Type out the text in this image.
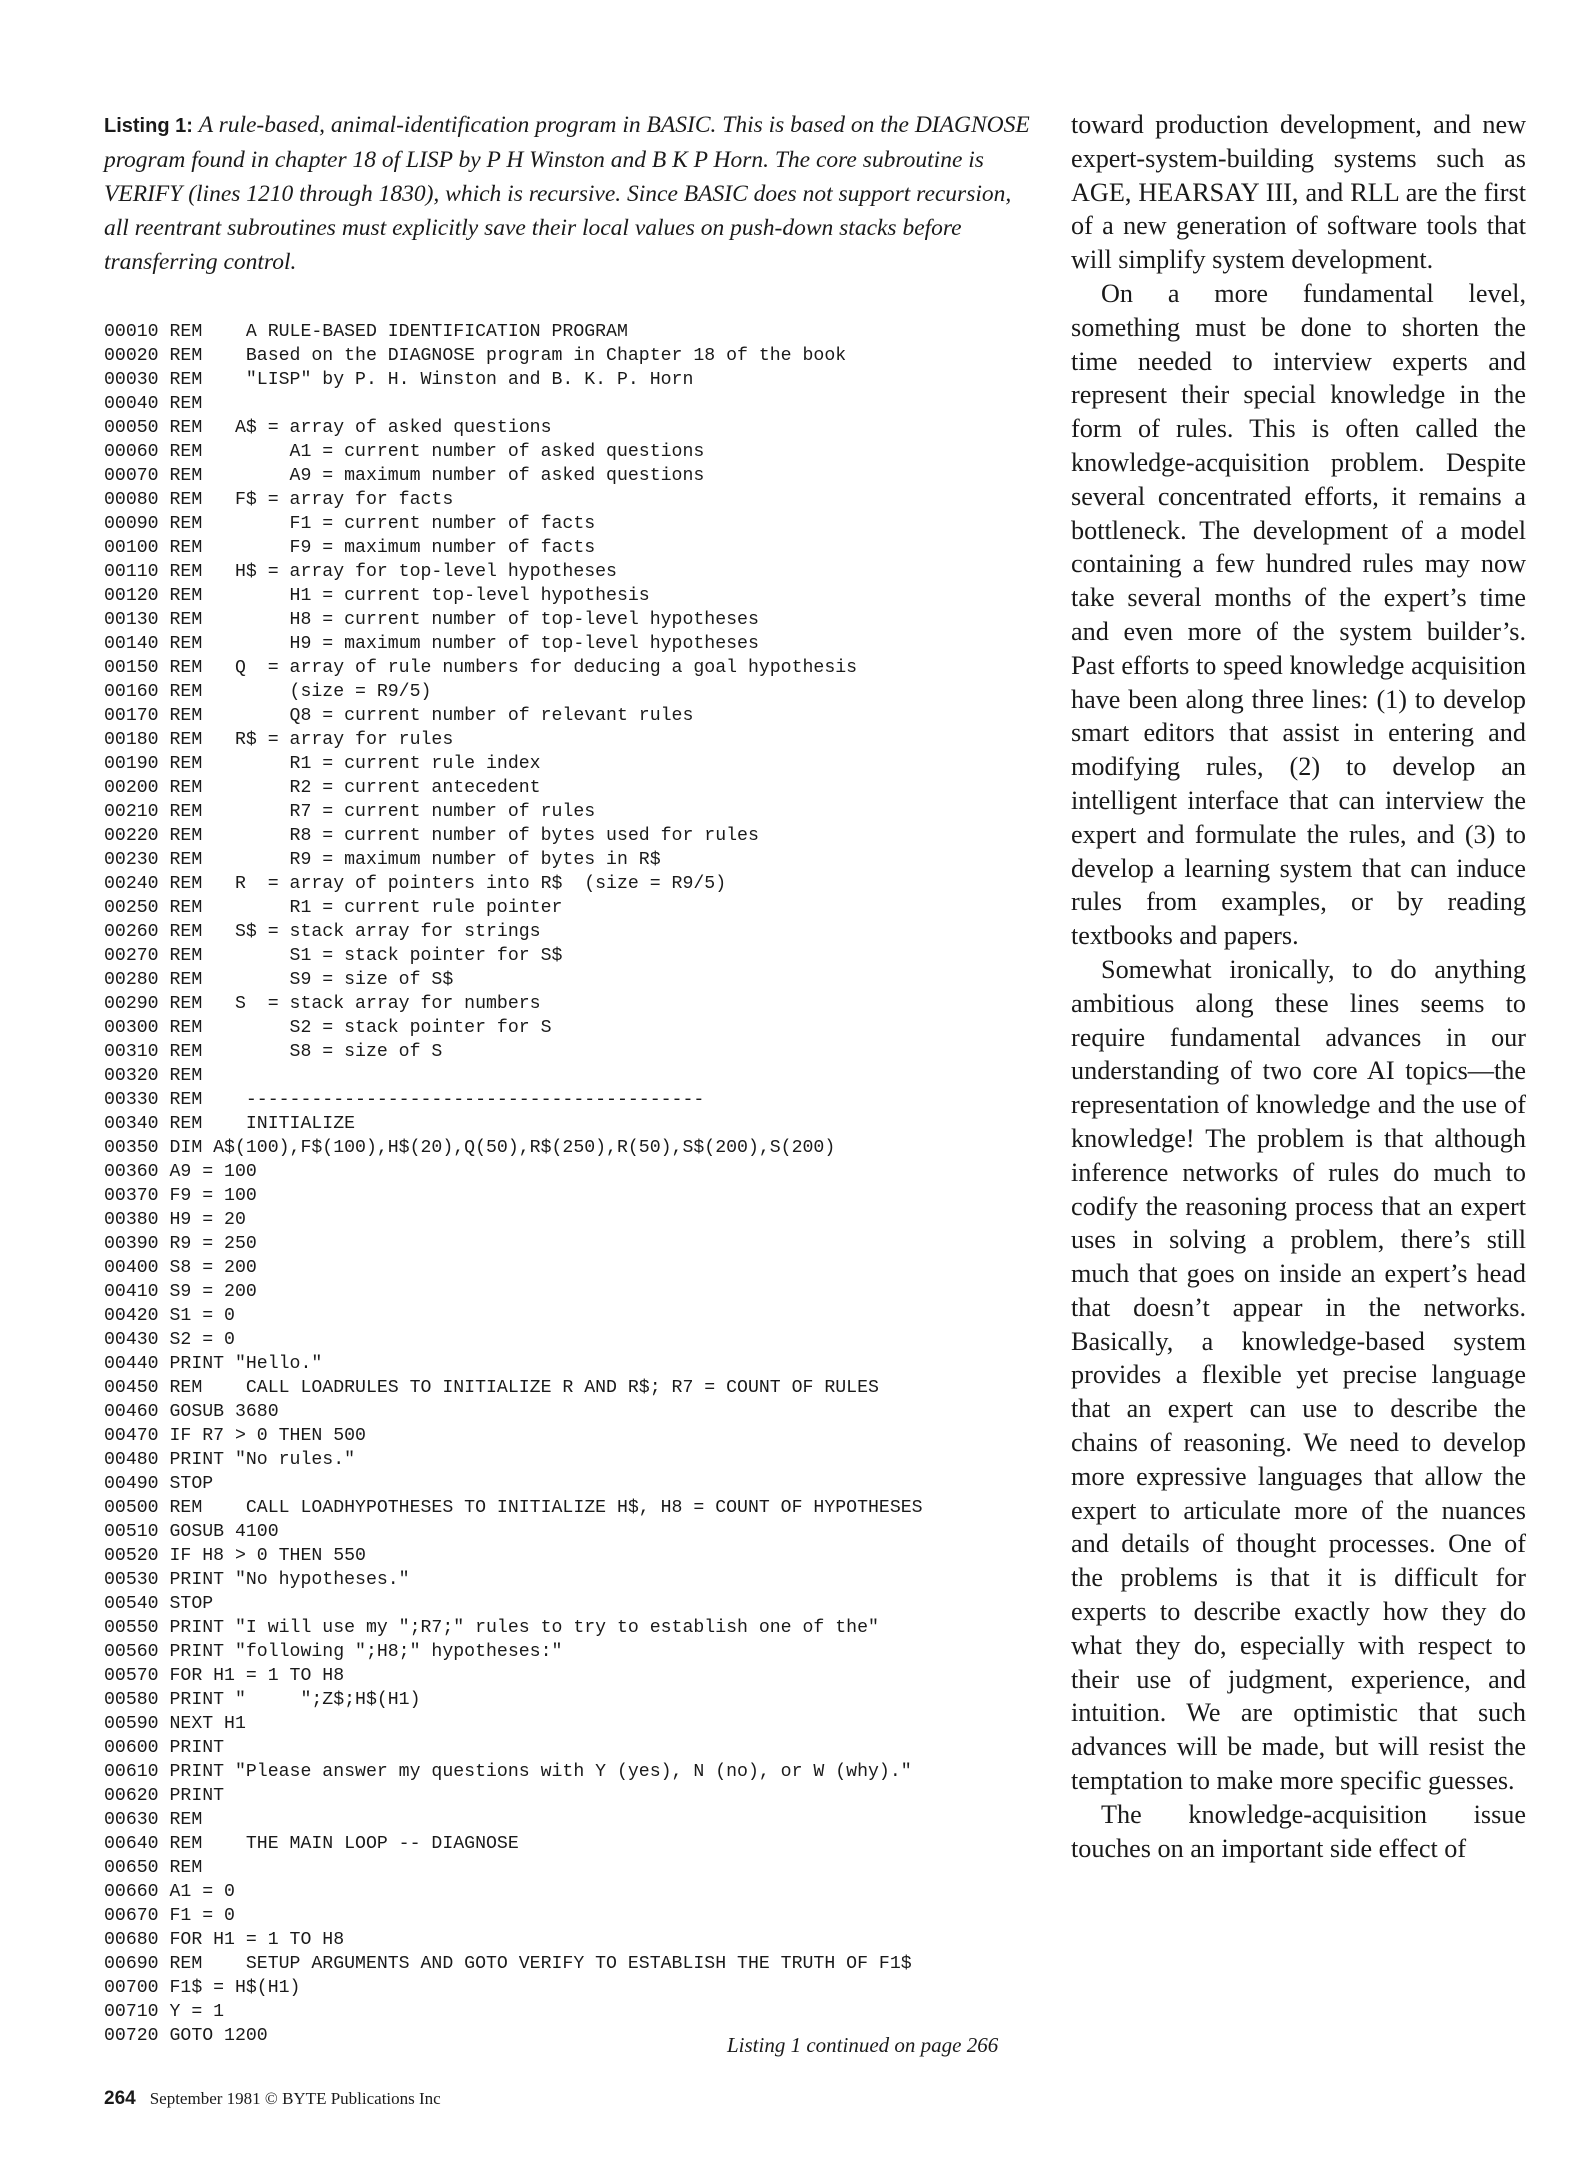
Listing 1: A rule-based, animal-identification program in BASIC. This is based on the DIAGNOSE program found in chapter 18 of LISP by P H Winston and B K P Horn. The core subroutine is VERIFY (lines 1210 through 1830), which is recursive. Since BASIC does not support recursion, all reentrant subroutines must explicitly save their local values on push-down stacks before transferring control.

00010 REM    A RULE-BASED IDENTIFICATION PROGRAM
00020 REM    Based on the DIAGNOSE program in Chapter 18 of the book
00030 REM    "LISP" by P. H. Winston and B. K. P. Horn
00040 REM
00050 REM   A$ = array of asked questions
00060 REM        A1 = current number of asked questions
00070 REM        A9 = maximum number of asked questions
00080 REM   F$ = array for facts
00090 REM        F1 = current number of facts
00100 REM        F9 = maximum number of facts
00110 REM   H$ = array for top-level hypotheses
00120 REM        H1 = current top-level hypothesis
00130 REM        H8 = current number of top-level hypotheses
00140 REM        H9 = maximum number of top-level hypotheses
00150 REM   Q  = array of rule numbers for deducing a goal hypothesis
00160 REM        (size = R9/5)
00170 REM        Q8 = current number of relevant rules
00180 REM   R$ = array for rules
00190 REM        R1 = current rule index
00200 REM        R2 = current antecedent
00210 REM        R7 = current number of rules
00220 REM        R8 = current number of bytes used for rules
00230 REM        R9 = maximum number of bytes in R$
00240 REM   R  = array of pointers into R$  (size = R9/5)
00250 REM        R1 = current rule pointer
00260 REM   S$ = stack array for strings
00270 REM        S1 = stack pointer for S$
00280 REM        S9 = size of S$
00290 REM   S  = stack array for numbers
00300 REM        S2 = stack pointer for S
00310 REM        S8 = size of S
00320 REM
00330 REM    ------------------------------------------
00340 REM    INITIALIZE
00350 DIM A$(100),F$(100),H$(20),Q(50),R$(250),R(50),S$(200),S(200)
00360 A9 = 100
00370 F9 = 100
00380 H9 = 20
00390 R9 = 250
00400 S8 = 200
00410 S9 = 200
00420 S1 = 0
00430 S2 = 0
00440 PRINT "Hello."
00450 REM    CALL LOADRULES TO INITIALIZE R AND R$; R7 = COUNT OF RULES
00460 GOSUB 3680
00470 IF R7 > 0 THEN 500
00480 PRINT "No rules."
00490 STOP
00500 REM    CALL LOADHYPOTHESES TO INITIALIZE H$, H8 = COUNT OF HYPOTHESES
00510 GOSUB 4100
00520 IF H8 > 0 THEN 550
00530 PRINT "No hypotheses."
00540 STOP
00550 PRINT "I will use my ";R7;" rules to try to establish one of the"
00560 PRINT "following ";H8;" hypotheses:"
00570 FOR H1 = 1 TO H8
00580 PRINT "     ";Z$;H$(H1)
00590 NEXT H1
00600 PRINT
00610 PRINT "Please answer my questions with Y (yes), N (no), or W (why)."
00620 PRINT
00630 REM
00640 REM    THE MAIN LOOP -- DIAGNOSE
00650 REM
00660 A1 = 0
00670 F1 = 0
00680 FOR H1 = 1 TO H8
00690 REM    SETUP ARGUMENTS AND GOTO VERIFY TO ESTABLISH THE TRUTH OF F1$
00700 F1$ = H$(H1)
00710 Y = 1
00720 GOTO 1200	Listing 1 continued on page 266

toward production development, and new expert-system-building systems such as AGE, HEARSAY III, and RLL are the first of a new generation of software tools that will simplify system development.

On a more fundamental level, something must be done to shorten the time needed to interview experts and represent their special knowledge in the form of rules. This is often called the knowledge-acquisition problem. Despite several concentrated efforts, it remains a bottleneck. The development of a model containing a few hundred rules may now take several months of the expert’s time and even more of the system builder’s. Past efforts to speed knowledge acquisition have been along three lines: (1) to develop smart editors that assist in entering and modifying rules, (2) to develop an intelligent interface that can interview the expert and formulate the rules, and (3) to develop a learning system that can induce rules from examples, or by reading textbooks and papers.

Somewhat ironically, to do anything ambitious along these lines seems to require fundamental advances in our understanding of two core AI topics—the representation of knowledge and the use of knowledge! The problem is that although inference networks of rules do much to codify the reasoning process that an expert uses in solving a problem, there’s still much that goes on inside an expert’s head that doesn’t appear in the networks. Basically, a knowledge-based system provides a flexible yet precise language that an expert can use to describe the chains of reasoning. We need to develop more expressive languages that allow the expert to articulate more of the nuances and details of thought processes. One of the problems is that it is difficult for experts to describe exactly how they do what they do, especially with respect to their use of judgment, experience, and intuition. We are optimistic that such advances will be made, but will resist the temptation to make more specific guesses.

The knowledge-acquisition issue touches on an important side effect of

264 September 1981 © BYTE Publications Inc
